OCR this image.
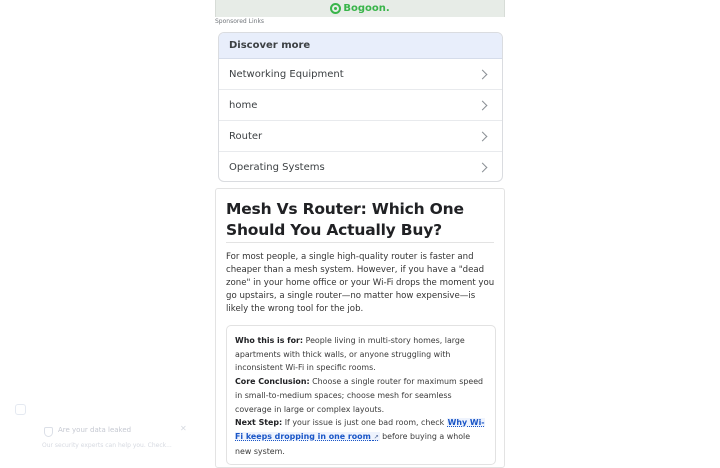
Bogoon.
Sponsored Links
Discover more
Networking Equipment
home
Router
Operating Systems
Mesh Vs Router: Which One Should You Actually Buy?

For most people, a single high-quality router is faster and cheaper than a mesh system. However, if you have a "dead zone" in your home office or your Wi-Fi drops the moment you go upstairs, a single router—no matter how expensive—is likely the wrong tool for the job.

Who this is for: People living in multi-story homes, large apartments with thick walls, or anyone struggling with inconsistent Wi-Fi in specific rooms.

Core Conclusion: Choose a single router for maximum speed in small-to-medium spaces; choose mesh for seamless coverage in large or complex layouts.

Next Step: If your issue is just one bad room, check Why Wi-Fi keeps dropping in one room ↗ before buying a whole new system.

Are your data leaked	✕
Our security experts can help you. Check...
